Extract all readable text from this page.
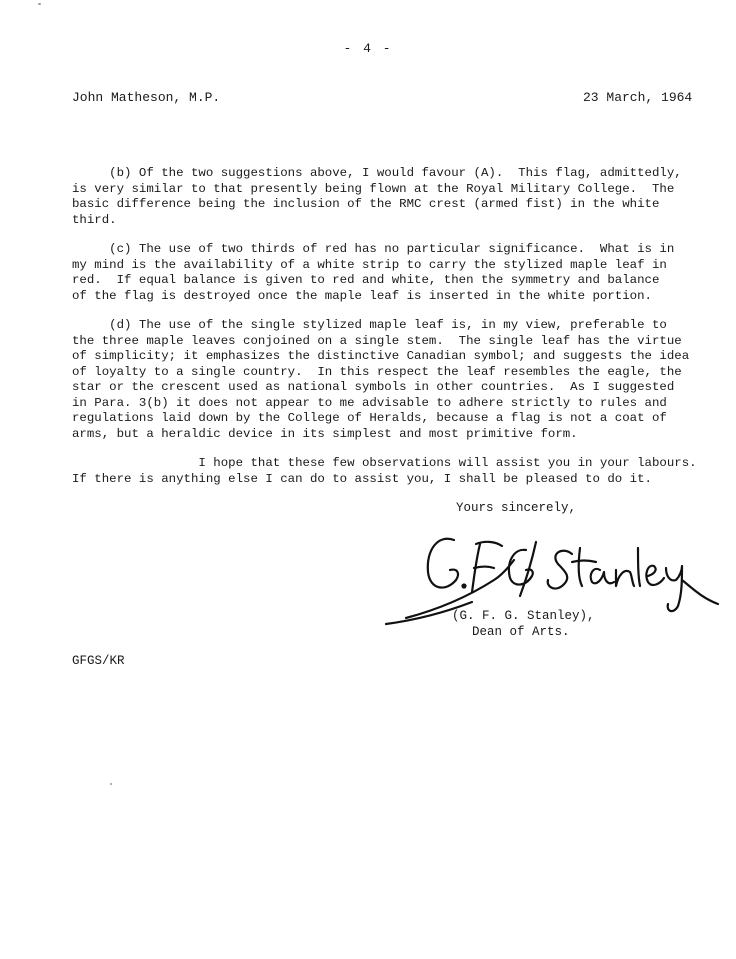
- 4 -
John Matheson, M.P.	23 March, 1964
(b) Of the two suggestions above, I would favour (A).  This flag, admittedly,
is very similar to that presently being flown at the Royal Military College.  The
basic difference being the inclusion of the RMC crest (armed fist) in the white
third.
(c) The use of two thirds of red has no particular significance.  What is in
my mind is the availability of a white strip to carry the stylized maple leaf in
red.  If equal balance is given to red and white, then the symmetry and balance
of the flag is destroyed once the maple leaf is inserted in the white portion.
(d) The use of the single stylized maple leaf is, in my view, preferable to
the three maple leaves conjoined on a single stem.  The single leaf has the virtue
of simplicity; it emphasizes the distinctive Canadian symbol; and suggests the idea
of loyalty to a single country.  In this respect the leaf resembles the eagle, the
star or the crescent used as national symbols in other countries.  As I suggested
in Para. 3(b) it does not appear to me advisable to adhere strictly to rules and
regulations laid down by the College of Heralds, because a flag is not a coat of
arms, but a heraldic device in its simplest and most primitive form.
I hope that these few observations will assist you in your labours.
If there is anything else I can do to assist you, I shall be pleased to do it.
Yours sincerely,
(G. F. G. Stanley),
Dean of Arts.
GFGS/KR
